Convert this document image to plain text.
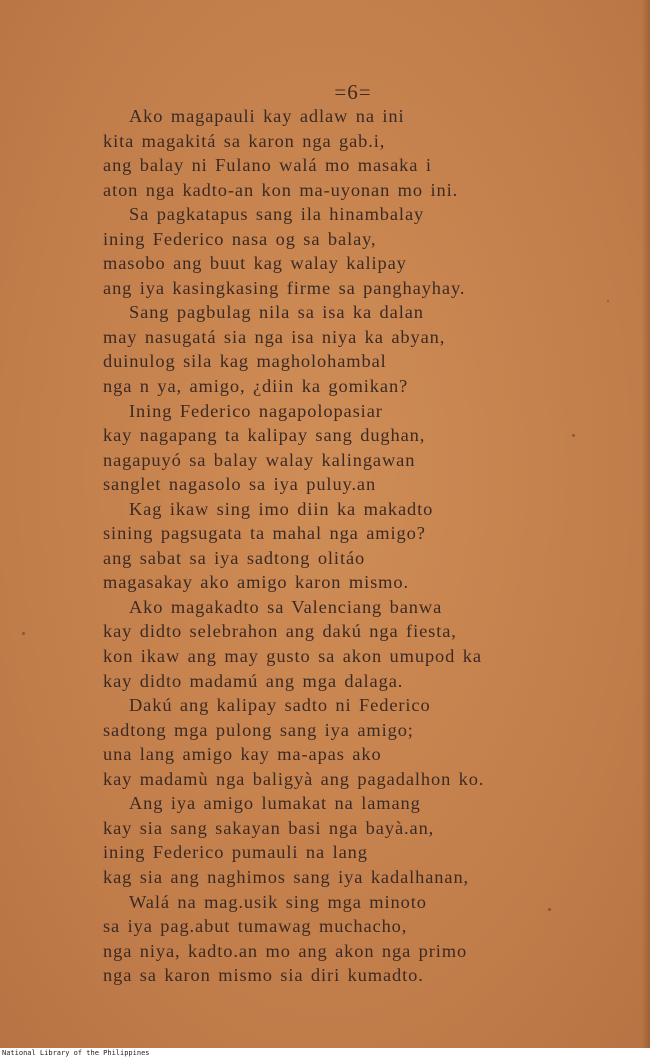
=6=
Ako magapauli kay adlaw na ini
kita magakitá sa karon nga gab.i,
ang balay ni Fulano walá mo masaka i
aton nga kadto-an kon ma-uyonan mo ini.
Sa pagkatapus sang ila hinambalay
ining Federico nasa og sa balay,
masobo ang buut kag walay kalipay
ang iya kasingkasing firme sa panghayhay.
Sang pagbulag nila sa isa ka dalan
may nasugatá sia nga isa niya ka abyan,
duinulog sila kag magholohambal
nga n ya, amigo, ¿diin ka gomikan?
Ining Federico nagapolopasiar
kay nagapang ta kalipay sang dughan,
nagapuyó sa balay walay kalingawan
sanglet nagasolo sa iya puluy.an
Kag ikaw sing imo diin ka makadto
sining pagsugata ta mahal nga amigo?
ang sabat sa iya sadtong olitáo
magasakay ako amigo karon mismo.
Ako magakadto sa Valenciang banwa
kay didto selebrahon ang dakú nga fiesta,
kon ikaw ang may gusto sa akon umupod ka
kay didto madamú ang mga dalaga.
Dakú ang kalipay sadto ni Federico
sadtong mga pulong sang iya amigo;
una lang amigo kay ma-apas ako
kay madamù nga baligyà ang pagadalhon ko.
Ang iya amigo lumakat na lamang
kay sia sang sakayan basi nga bayà.an,
ining Federico pumauli na lang
kag sia ang naghimos sang iya kadalhanan,
Walá na mag.usik sing mga minoto
sa iya pag.abut tumawag muchacho,
nga niya, kadto.an mo ang akon nga primo
nga sa karon mismo sia diri kumadto.
National Library of the Philippines
